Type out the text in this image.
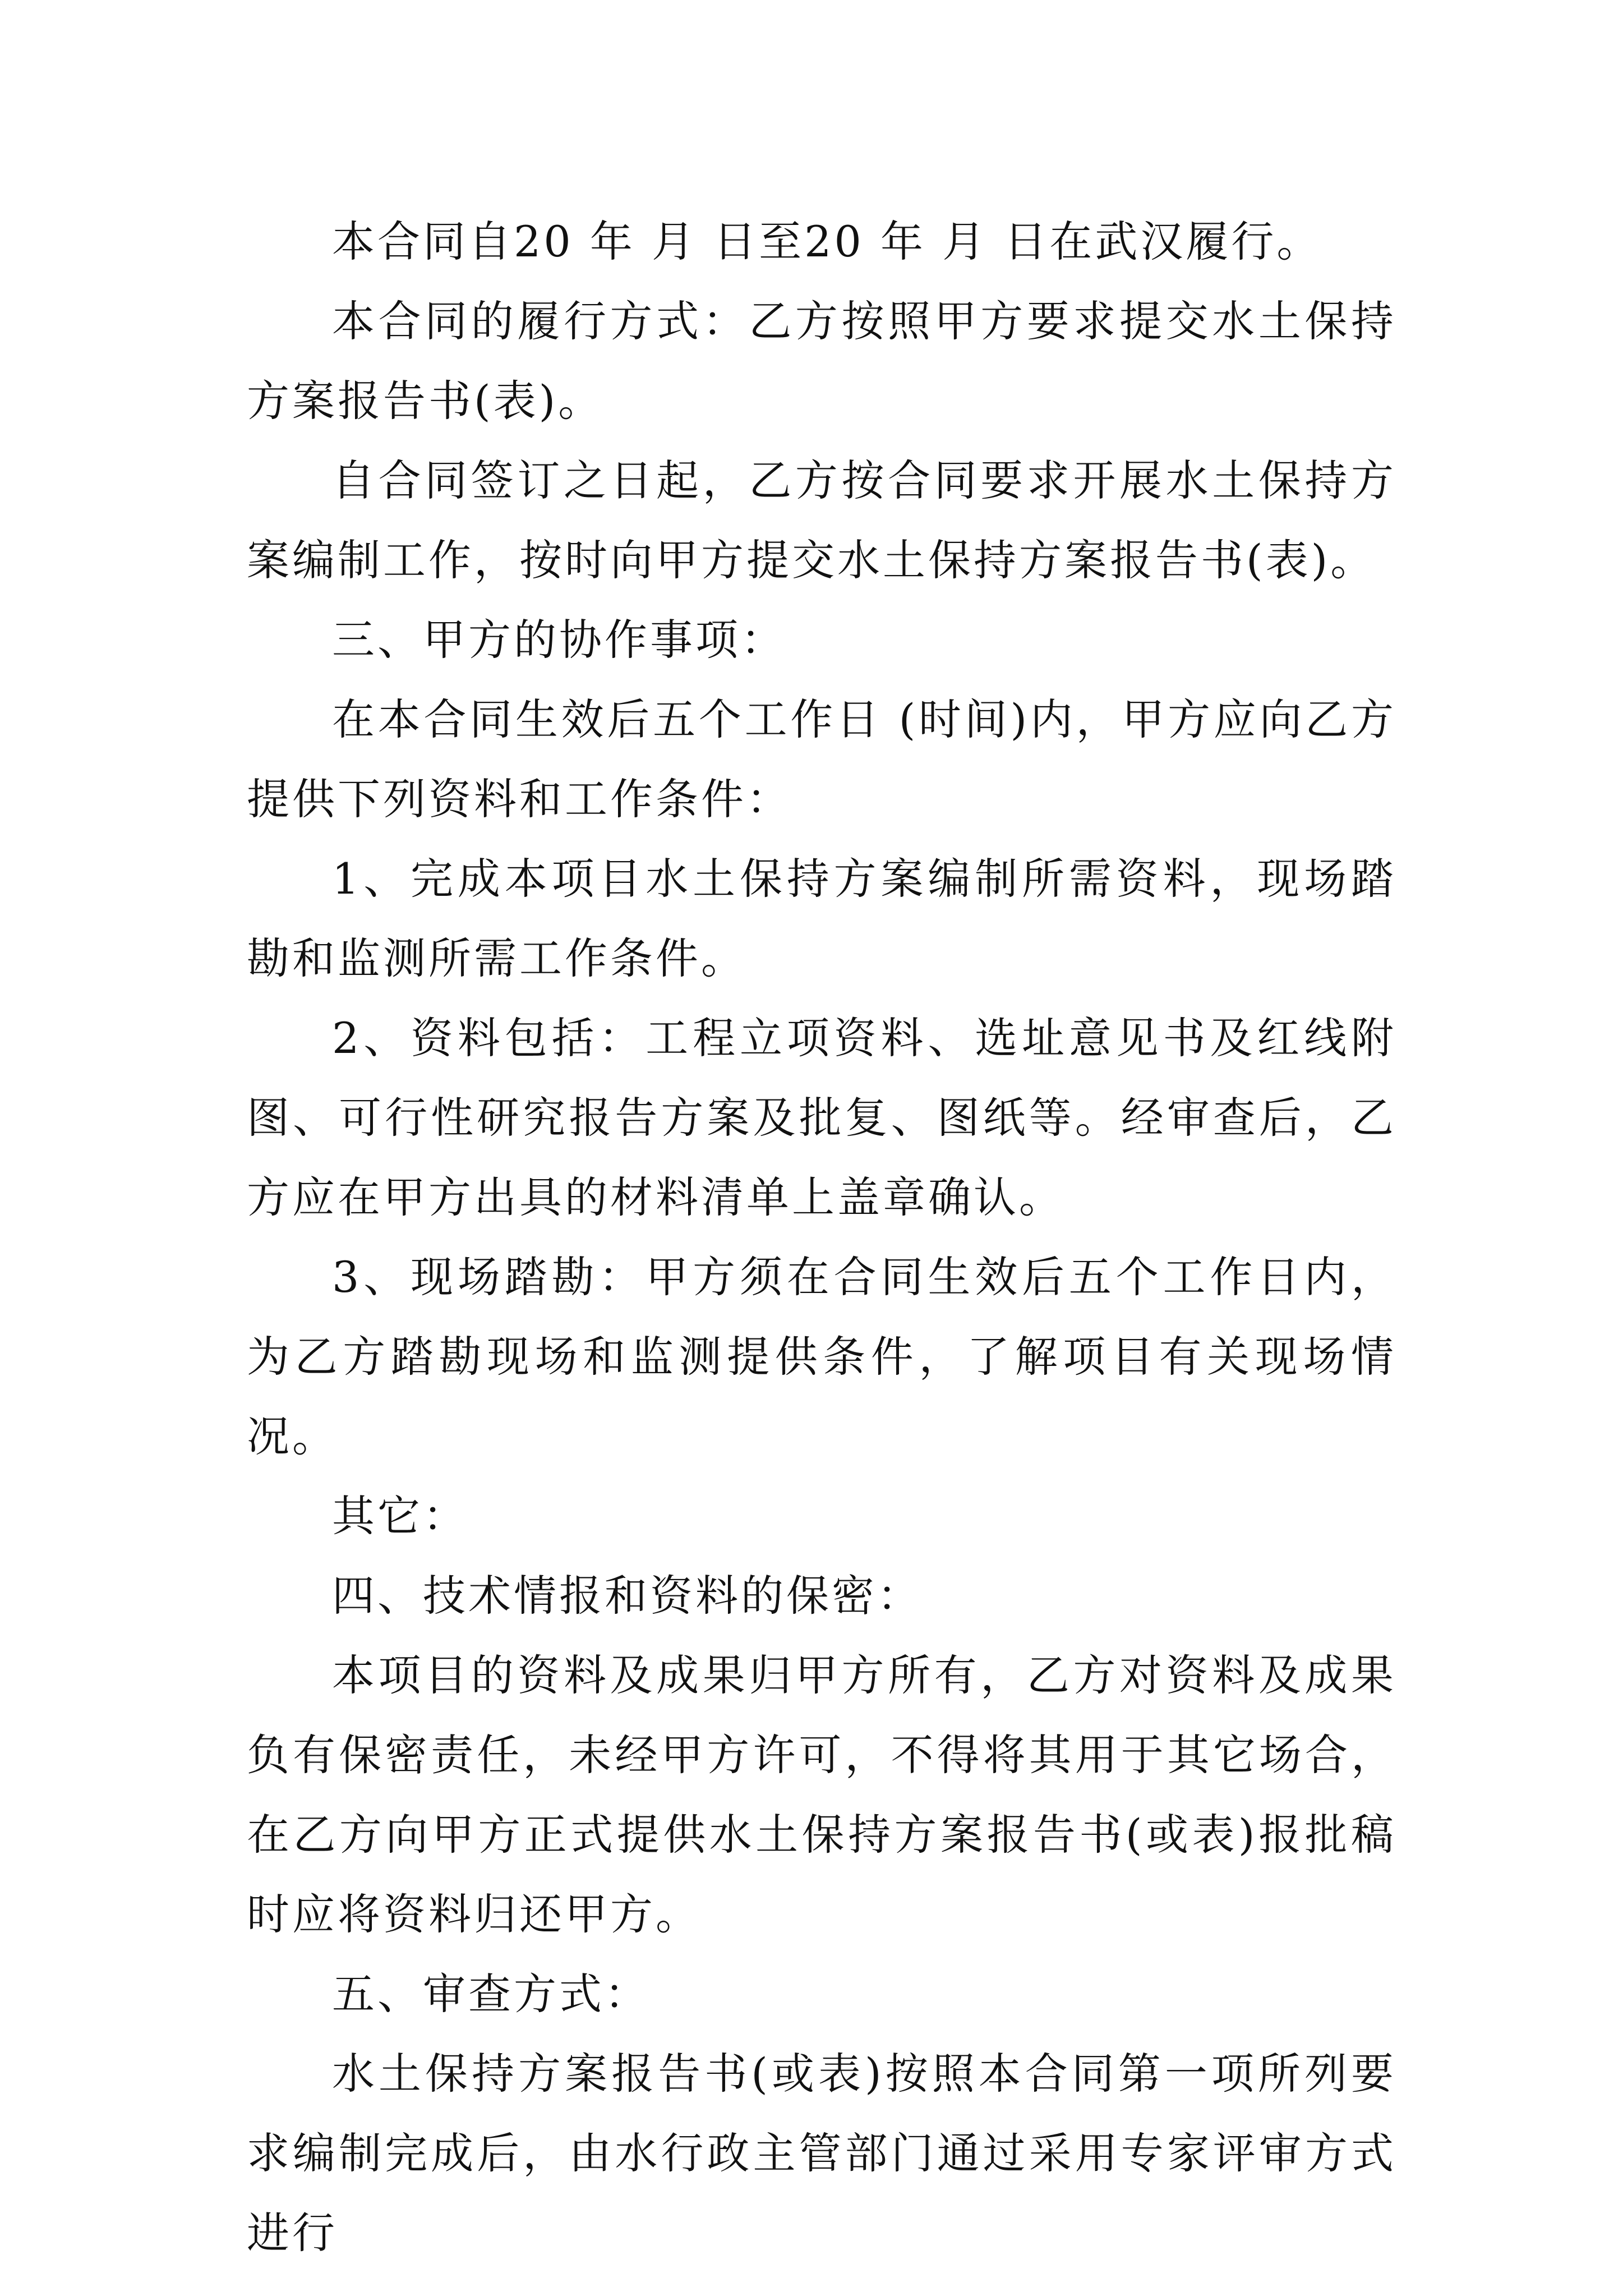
本合同自20 年 月 日至20 年 月 日在武汉履行。

本合同的履行方式：乙方按照甲方要求提交水土保持方案报告书(表)。

自合同签订之日起，乙方按合同要求开展水土保持方案编制工作，按时向甲方提交水土保持方案报告书(表)。

三、甲方的协作事项：

在本合同生效后五个工作日 (时间)内，甲方应向乙方提供下列资料和工作条件：

1、完成本项目水土保持方案编制所需资料，现场踏勘和监测所需工作条件。

2、资料包括：工程立项资料、选址意见书及红线附图、可行性研究报告方案及批复、图纸等。经审查后，乙方应在甲方出具的材料清单上盖章确认。

3、现场踏勘：甲方须在合同生效后五个工作日内，为乙方踏勘现场和监测提供条件，了解项目有关现场情况。

其它：

四、技术情报和资料的保密：

本项目的资料及成果归甲方所有，乙方对资料及成果负有保密责任，未经甲方许可，不得将其用于其它场合，在乙方向甲方正式提供水土保持方案报告书(或表)报批稿时应将资料归还甲方。

五、审查方式：

水土保持方案报告书(或表)按照本合同第一项所列要求编制完成后，由水行政主管部门通过采用专家评审方式进行
